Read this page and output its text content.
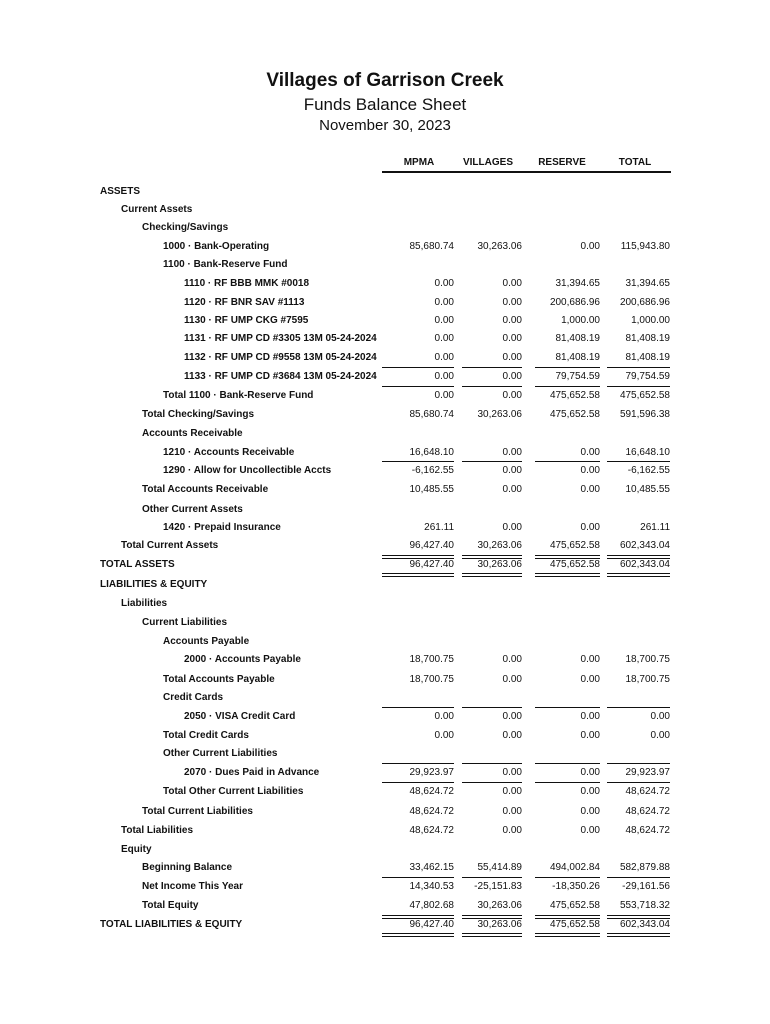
Villages of Garrison Creek
Funds Balance Sheet
November 30, 2023
MPMA	VILLAGES	RESERVE	TOTAL
ASSETS
Current Assets
Checking/Savings
1000 · Bank-Operating	85,680.74	30,263.06	0.00	115,943.80
1100 · Bank-Reserve Fund
1110 · RF BBB MMK #0018	0.00	0.00	31,394.65	31,394.65
1120 · RF BNR SAV #1113	0.00	0.00	200,686.96	200,686.96
1130 · RF UMP CKG #7595	0.00	0.00	1,000.00	1,000.00
1131 · RF UMP CD #3305 13M 05-24-2024	0.00	0.00	81,408.19	81,408.19
1132 · RF UMP CD #9558 13M 05-24-2024	0.00	0.00	81,408.19	81,408.19
1133 · RF UMP CD #3684 13M 05-24-2024	0.00	0.00	79,754.59	79,754.59
Total 1100 · Bank-Reserve Fund	0.00	0.00	475,652.58	475,652.58
Total Checking/Savings	85,680.74	30,263.06	475,652.58	591,596.38
Accounts Receivable
1210 · Accounts Receivable	16,648.10	0.00	0.00	16,648.10
1290 · Allow for Uncollectible Accts	-6,162.55	0.00	0.00	-6,162.55
Total Accounts Receivable	10,485.55	0.00	0.00	10,485.55
Other Current Assets
1420 · Prepaid Insurance	261.11	0.00	0.00	261.11
Total Current Assets	96,427.40	30,263.06	475,652.58	602,343.04
TOTAL ASSETS	96,427.40	30,263.06	475,652.58	602,343.04
LIABILITIES & EQUITY
Liabilities
Current Liabilities
Accounts Payable
2000 · Accounts Payable	18,700.75	0.00	0.00	18,700.75
Total Accounts Payable	18,700.75	0.00	0.00	18,700.75
Credit Cards
2050 · VISA Credit Card	0.00	0.00	0.00	0.00
Total Credit Cards	0.00	0.00	0.00	0.00
Other Current Liabilities
2070 · Dues Paid in Advance	29,923.97	0.00	0.00	29,923.97
Total Other Current Liabilities	48,624.72	0.00	0.00	48,624.72
Total Current Liabilities	48,624.72	0.00	0.00	48,624.72
Total Liabilities	48,624.72	0.00	0.00	48,624.72
Equity
Beginning Balance	33,462.15	55,414.89	494,002.84	582,879.88
Net Income This Year	14,340.53	-25,151.83	-18,350.26	-29,161.56
Total Equity	47,802.68	30,263.06	475,652.58	553,718.32
TOTAL LIABILITIES & EQUITY	96,427.40	30,263.06	475,652.58	602,343.04
